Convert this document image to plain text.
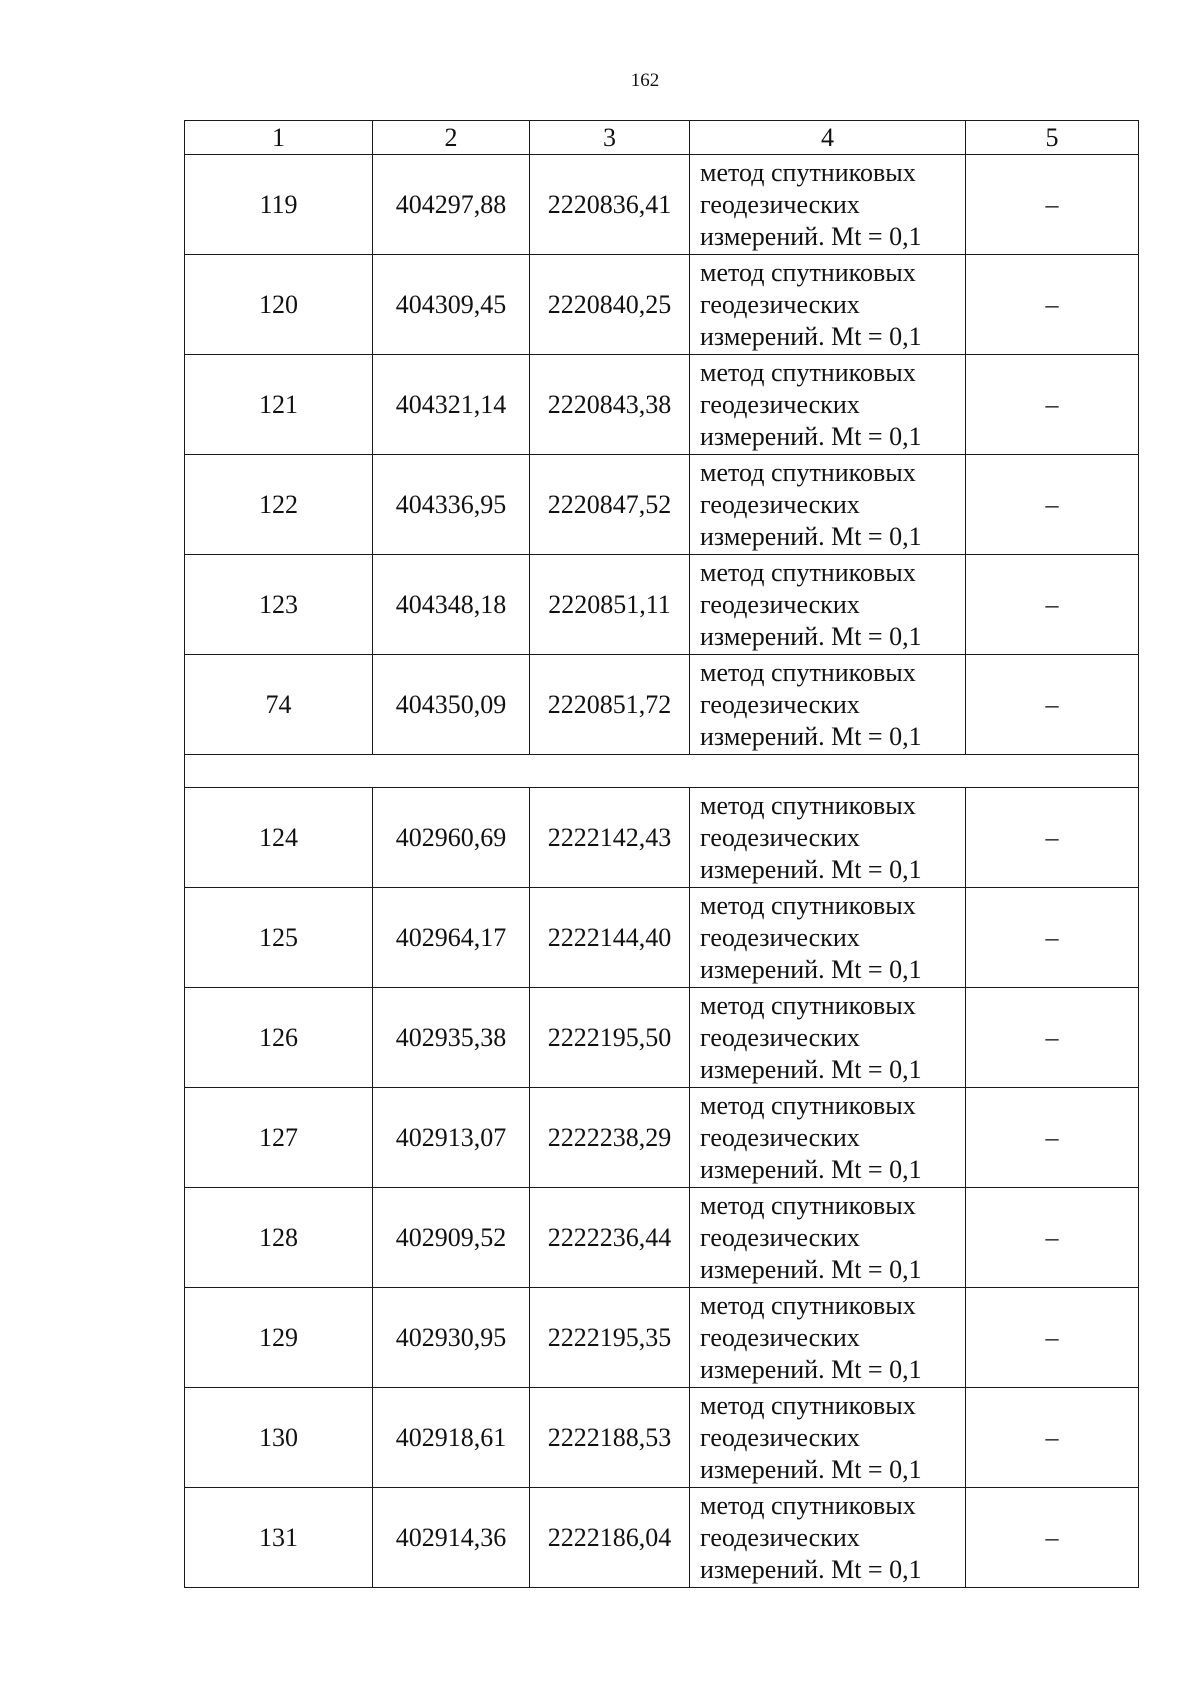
162
1	2	3	4	5
119	404297,88	2220836,41	метод спутниковых
геодезических
измерений. Mt = 0,1	–
120	404309,45	2220840,25	метод спутниковых
геодезических
измерений. Mt = 0,1	–
121	404321,14	2220843,38	метод спутниковых
геодезических
измерений. Mt = 0,1	–
122	404336,95	2220847,52	метод спутниковых
геодезических
измерений. Mt = 0,1	–
123	404348,18	2220851,11	метод спутниковых
геодезических
измерений. Mt = 0,1	–
74	404350,09	2220851,72	метод спутниковых
геодезических
измерений. Mt = 0,1	–

124	402960,69	2222142,43	метод спутниковых
геодезических
измерений. Mt = 0,1	–
125	402964,17	2222144,40	метод спутниковых
геодезических
измерений. Mt = 0,1	–
126	402935,38	2222195,50	метод спутниковых
геодезических
измерений. Mt = 0,1	–
127	402913,07	2222238,29	метод спутниковых
геодезических
измерений. Mt = 0,1	–
128	402909,52	2222236,44	метод спутниковых
геодезических
измерений. Mt = 0,1	–
129	402930,95	2222195,35	метод спутниковых
геодезических
измерений. Mt = 0,1	–
130	402918,61	2222188,53	метод спутниковых
геодезических
измерений. Mt = 0,1	–
131	402914,36	2222186,04	метод спутниковых
геодезических
измерений. Mt = 0,1	–
